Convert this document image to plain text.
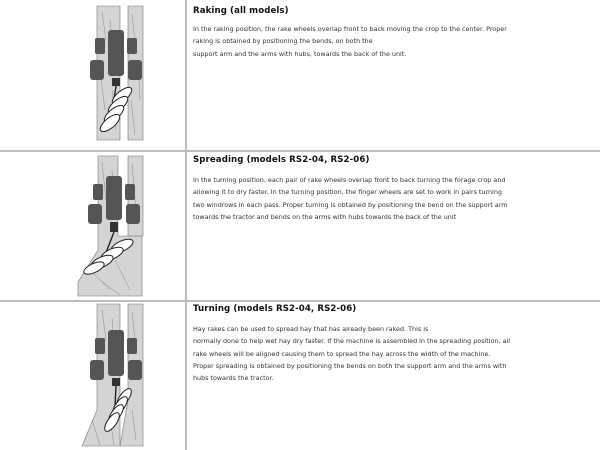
Raking (all models)

In the raking position, the rake wheels overlap front to back moving the crop to the center. Proper
raking is obtained by positioning the bends, on both the
support arm and the arms with hubs, towards the back of the unit.

Spreading (models RS2-04, RS2-06)

In the turning position, each pair of rake wheels overlap front to back turning the forage crop and
allowing it to dry faster. In the turning position, the finger wheels are set to work in pairs turning
two windrows in each pass. Proper turning is obtained by positioning the bend on the support arm
towards the tractor and bends on the arms with hubs towards the back of the unit

Turning (models RS2-04, RS2-06)

Hay rakes can be used to spread hay that has already been raked. This is
normally done to help wet hay dry faster. If the machine is assembled in the spreading position, all
rake wheels will be aligned causing them to spread the hay across the width of the machine.
Proper spreading is obtained by positioning the bends on both the support arm and the arms with
hubs towards the tractor.
